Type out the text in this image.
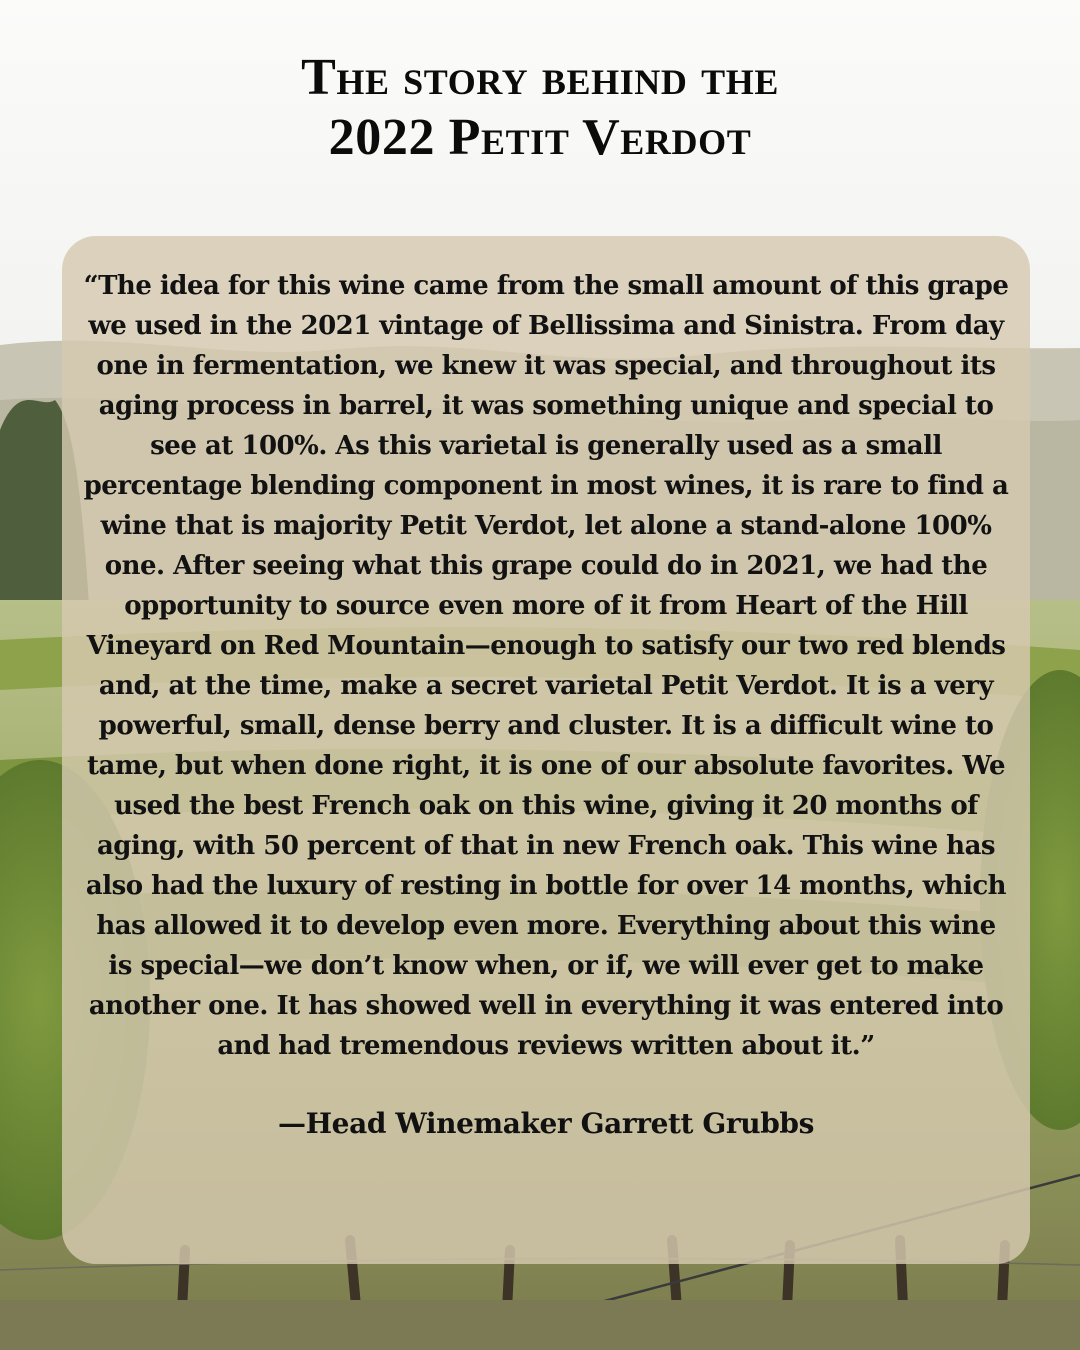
The story behind the
2022 Petit Verdot

“The idea for this wine came from the small amount of this grape we used in the 2021 vintage of Bellissima and Sinistra. From day one in fermentation, we knew it was special, and throughout its aging process in barrel, it was something unique and special to see at 100%. As this varietal is generally used as a small percentage blending component in most wines, it is rare to find a wine that is majority Petit Verdot, let alone a stand-alone 100% one. After seeing what this grape could do in 2021, we had the opportunity to source even more of it from Heart of the Hill Vineyard on Red Mountain—enough to satisfy our two red blends and, at the time, make a secret varietal Petit Verdot. It is a very powerful, small, dense berry and cluster. It is a difficult wine to tame, but when done right, it is one of our absolute favorites. We used the best French oak on this wine, giving it 20 months of aging, with 50 percent of that in new French oak. This wine has also had the luxury of resting in bottle for over 14 months, which has allowed it to develop even more. Everything about this wine is special—we don’t know when, or if, we will ever get to make another one. It has showed well in everything it was entered into and had tremendous reviews written about it.”

—Head Winemaker Garrett Grubbs
